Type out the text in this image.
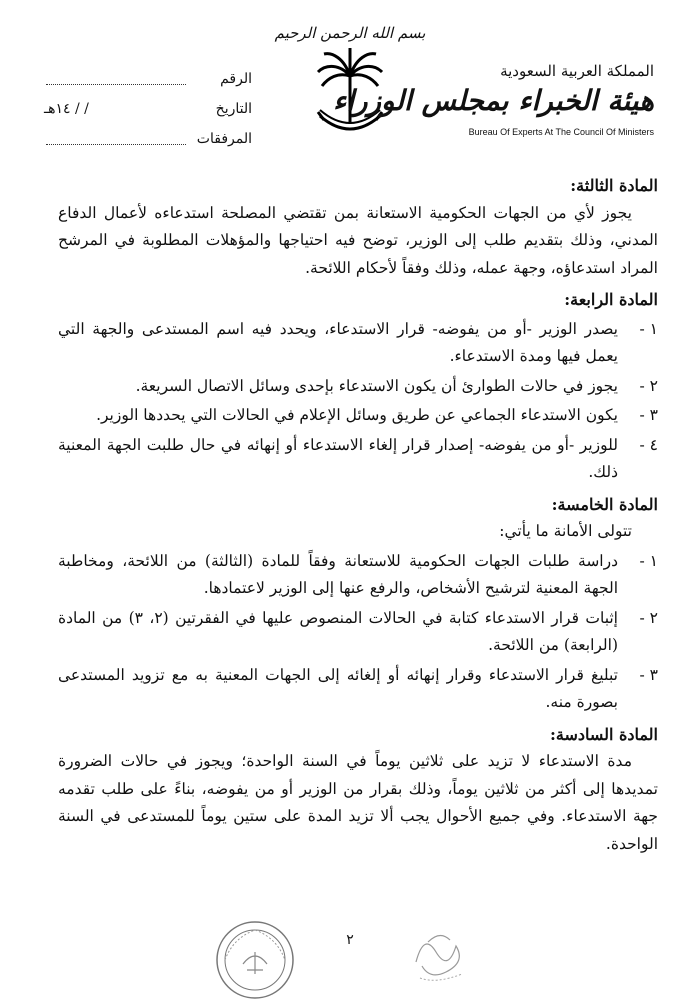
بسم الله الرحمن الرحيم
المملكة العربية السعودية
هيئة الخبراء بمجلس الوزراء
Bureau Of Experts At The Council Of Ministers
الرقم
التاريخ
/ / ١٤هـ
المرفقات

المادة الثالثة:

يجوز لأي من الجهات الحكومية الاستعانة بمن تقتضي المصلحة استدعاءه لأعمال الدفاع المدني، وذلك بتقديم طلب إلى الوزير، توضح فيه احتياجها والمؤهلات المطلوبة في المرشح المراد استدعاؤه، وجهة عمله، وذلك وفقاً لأحكام اللائحة.

المادة الرابعة:

١ -
يصدر الوزير -أو من يفوضه- قرار الاستدعاء، ويحدد فيه اسم المستدعى والجهة التي يعمل فيها ومدة الاستدعاء.
٢ -
يجوز في حالات الطوارئ أن يكون الاستدعاء بإحدى وسائل الاتصال السريعة.
٣ -
يكون الاستدعاء الجماعي عن طريق وسائل الإعلام في الحالات التي يحددها الوزير.
٤ -
للوزير -أو من يفوضه- إصدار قرار إلغاء الاستدعاء أو إنهائه في حال طلبت الجهة المعنية ذلك.

المادة الخامسة:

تتولى الأمانة ما يأتي:

١ -
دراسة طلبات الجهات الحكومية للاستعانة وفقاً للمادة (الثالثة) من اللائحة، ومخاطبة الجهة المعنية لترشيح الأشخاص، والرفع عنها إلى الوزير لاعتمادها.
٢ -
إثبات قرار الاستدعاء كتابة في الحالات المنصوص عليها في الفقرتين (٢، ٣) من المادة (الرابعة) من اللائحة.
٣ -
تبليغ قرار الاستدعاء وقرار إنهائه أو إلغائه إلى الجهات المعنية به مع تزويد المستدعى بصورة منه.

المادة السادسة:

مدة الاستدعاء لا تزيد على ثلاثين يوماً في السنة الواحدة؛ ويجوز في حالات الضرورة تمديدها إلى أكثر من ثلاثين يوماً، وذلك بقرار من الوزير أو من يفوضه، بناءً على طلب تقدمه جهة الاستدعاء. وفي جميع الأحوال يجب ألا تزيد المدة على ستين يوماً للمستدعى في السنة الواحدة.

٢
